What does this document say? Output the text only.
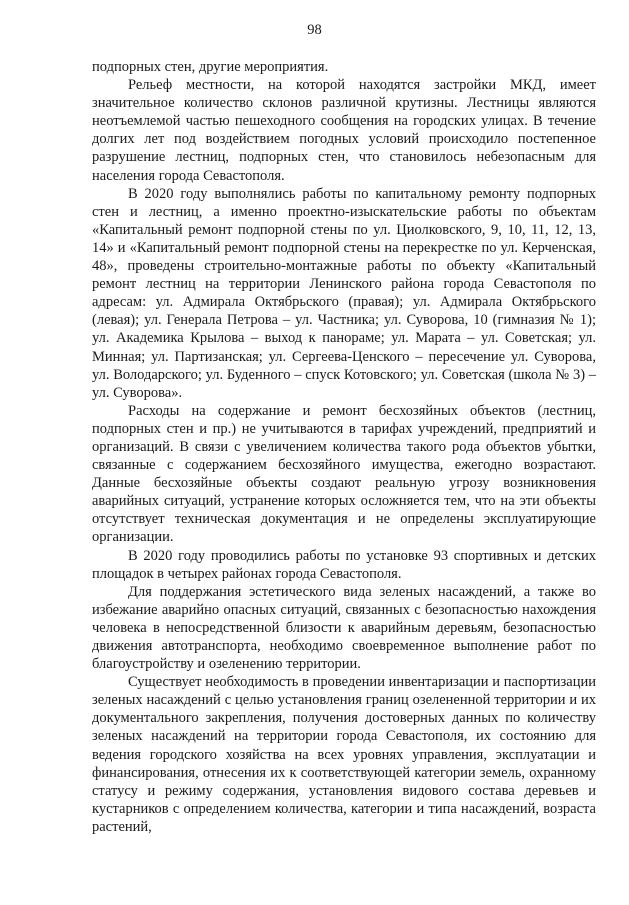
98

подпорных стен, другие мероприятия.

Рельеф местности, на которой находятся застройки МКД, имеет значительное количество склонов различной крутизны. Лестницы являются неотъемлемой частью пешеходного сообщения на городских улицах. В течение долгих лет под воздействием погодных условий происходило постепенное разрушение лестниц, подпорных стен, что становилось небезопасным для населения города Севастополя.

В 2020 году выполнялись работы по капитальному ремонту подпорных стен и лестниц, а именно проектно-изыскательские работы по объектам «Капитальный ремонт подпорной стены по ул. Циолковского, 9, 10, 11, 12, 13, 14» и «Капитальный ремонт подпорной стены на перекрестке по ул. Керченская, 48», проведены строительно-монтажные работы по объекту «Капитальный ремонт лестниц на территории Ленинского района города Севастополя по адресам: ул. Адмирала Октябрьского (правая); ул. Адмирала Октябрьского (левая); ул. Генерала Петрова – ул. Частника; ул. Суворова, 10 (гимназия № 1); ул. Академика Крылова – выход к панораме; ул. Марата – ул. Советская; ул. Минная; ул. Партизанская; ул. Сергеева-Ценского – пересечение ул. Суворова, ул. Володарского; ул. Буденного – спуск Котовского; ул. Советская (школа № 3) – ул. Суворова».

Расходы на содержание и ремонт бесхозяйных объектов (лестниц, подпорных стен и пр.) не учитываются в тарифах учреждений, предприятий и организаций. В связи с увеличением количества такого рода объектов убытки, связанные с содержанием бесхозяйного имущества, ежегодно возрастают. Данные бесхозяйные объекты создают реальную угрозу возникновения аварийных ситуаций, устранение которых осложняется тем, что на эти объекты отсутствует техническая документация и не определены эксплуатирующие организации.

В 2020 году проводились работы по установке 93 спортивных и детских площадок в четырех районах города Севастополя.

Для поддержания эстетического вида зеленых насаждений, а также во избежание аварийно опасных ситуаций, связанных с безопасностью нахождения человека в непосредственной близости к аварийным деревьям, безопасностью движения автотранспорта, необходимо своевременное выполнение работ по благоустройству и озеленению территории.

Существует необходимость в проведении инвентаризации и паспортизации зеленых насаждений с целью установления границ озелененной территории и их документального закрепления, получения достоверных данных по количеству зеленых насаждений на территории города Севастополя, их состоянию для ведения городского хозяйства на всех уровнях управления, эксплуатации и финансирования, отнесения их к соответствующей категории земель, охранному статусу и режиму содержания, установления видового состава деревьев и кустарников с определением количества, категории и типа насаждений, возраста растений,
